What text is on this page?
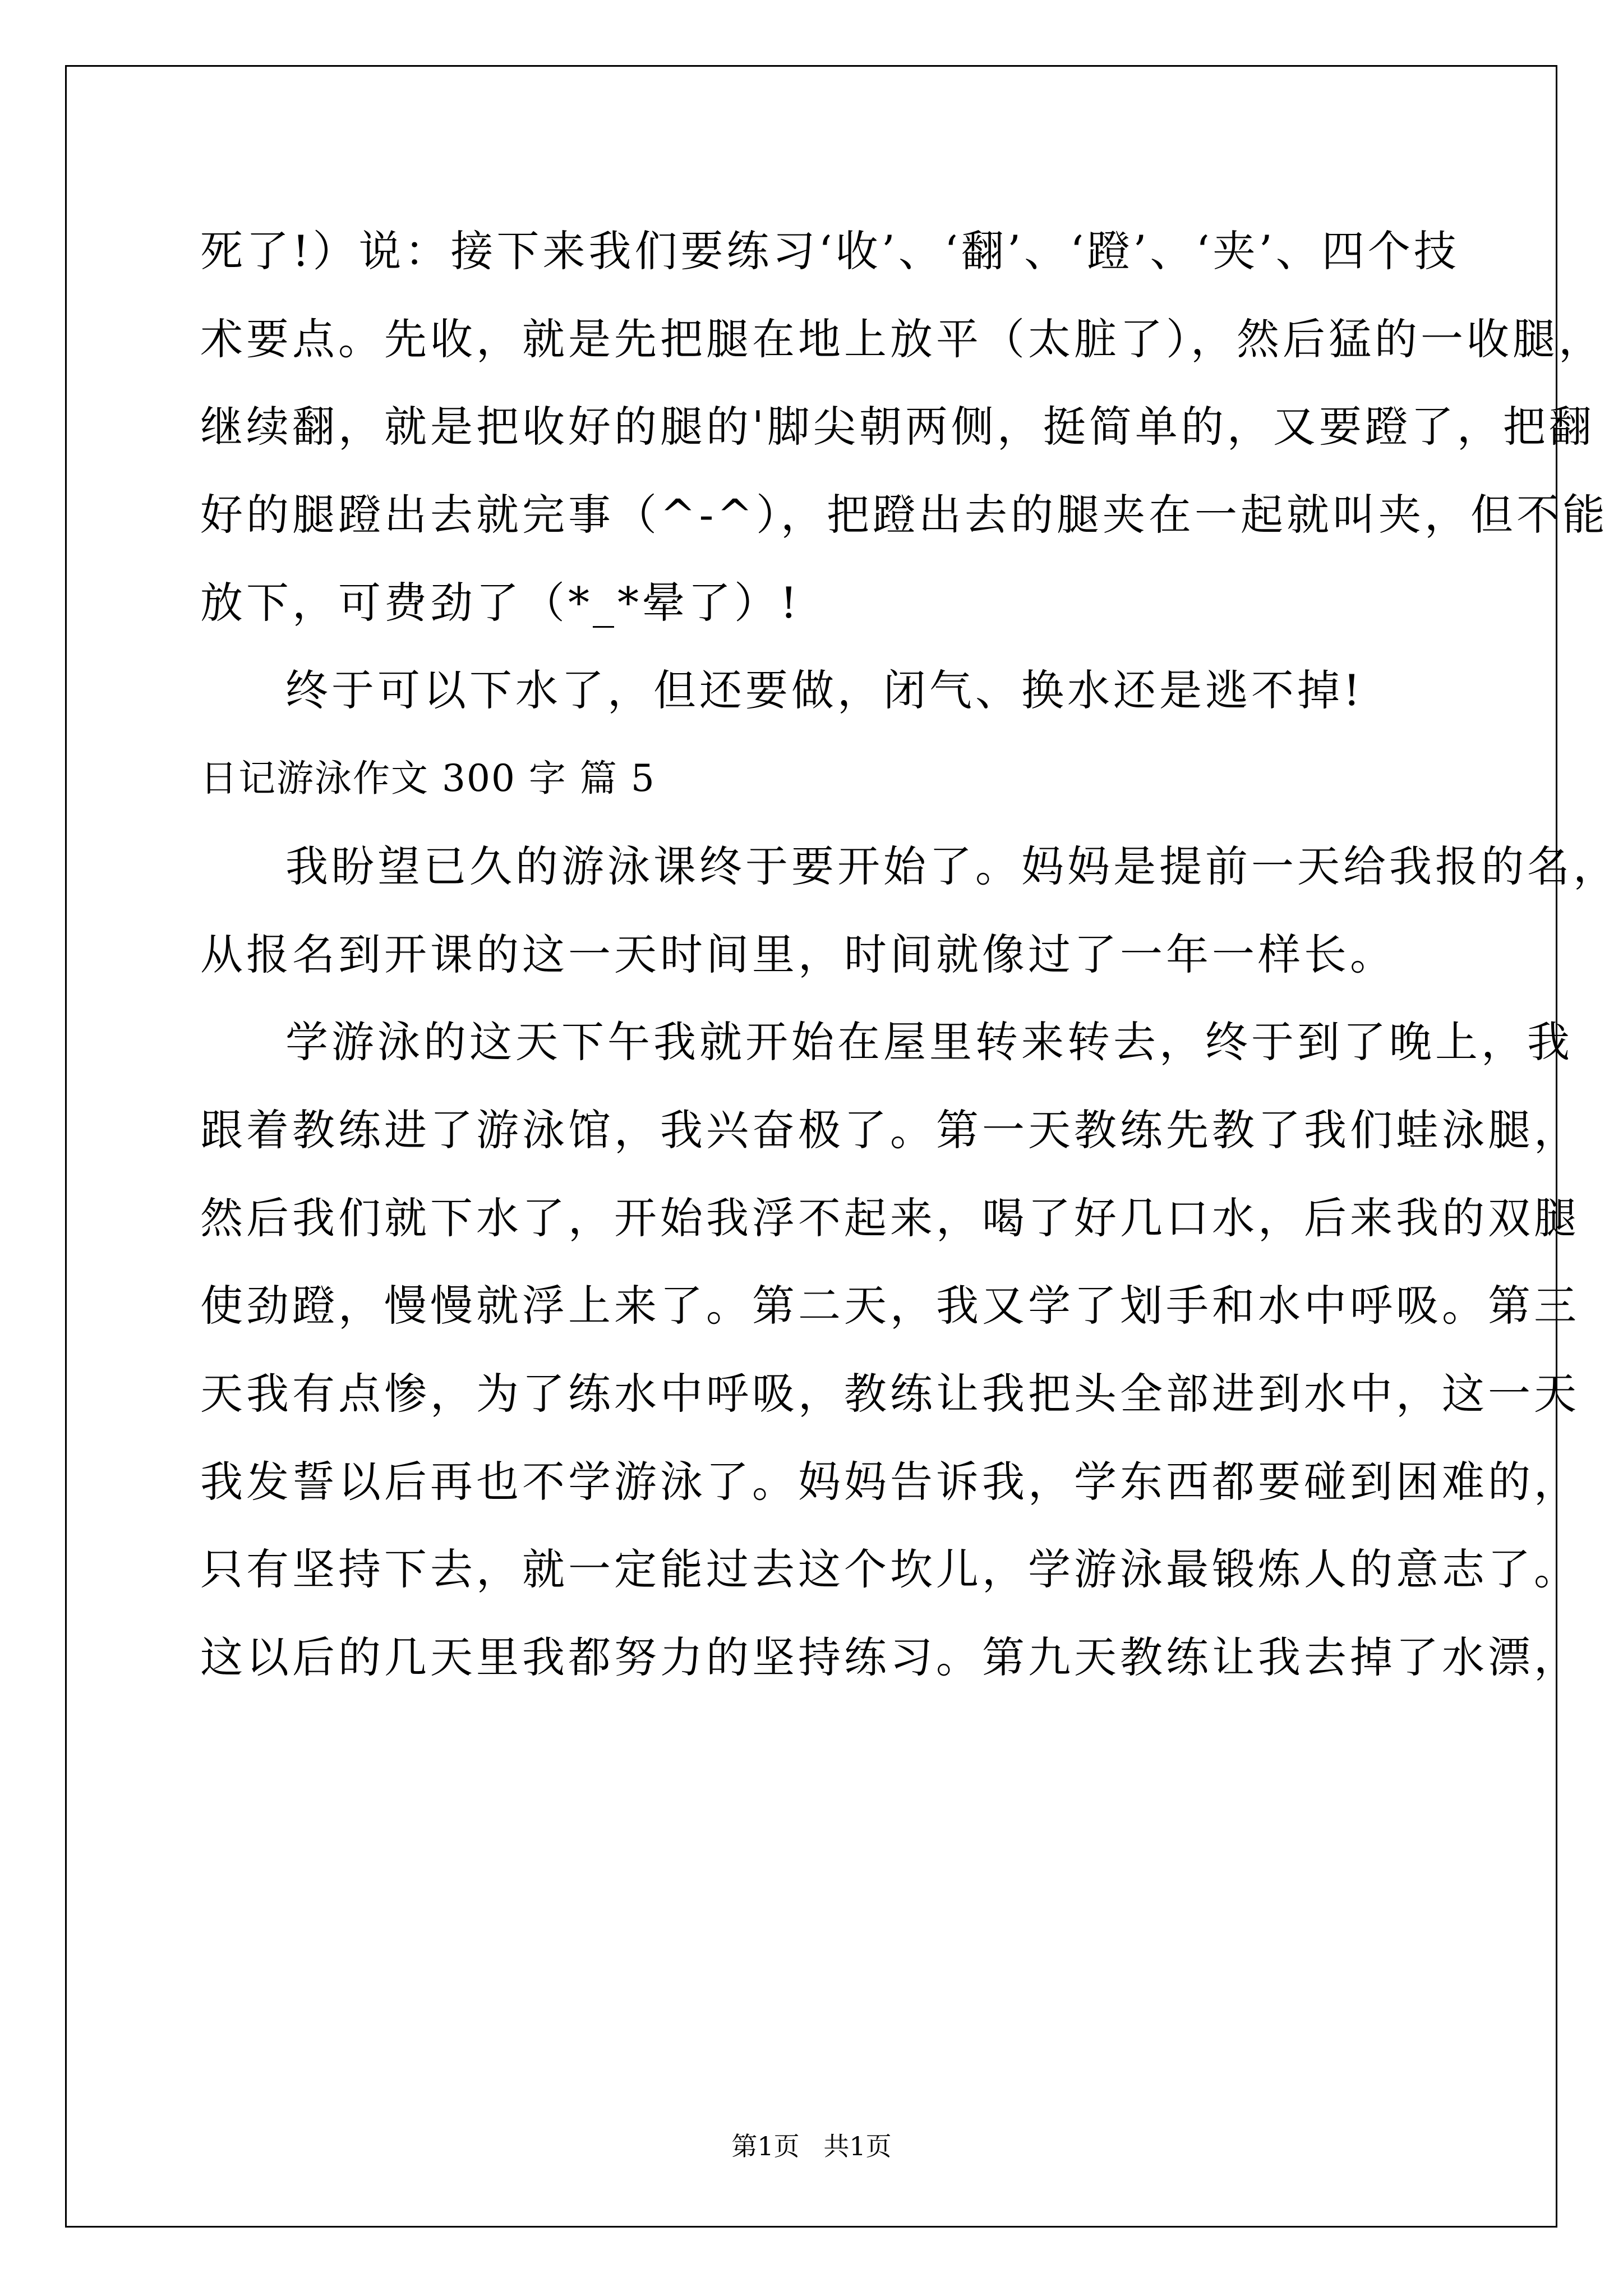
死了!）说：接下来我们要练习‘收’、‘翻’、‘蹬’、‘夹’、四个技
术要点。先收，就是先把腿在地上放平（太脏了），然后猛的一收腿，
继续翻，就是把收好的腿的'脚尖朝两侧，挺简单的，又要蹬了，把翻
好的腿蹬出去就完事（^-^），把蹬出去的腿夹在一起就叫夹，但不能
放下，可费劲了（*_*晕了）!
终于可以下水了，但还要做，闭气、换水还是逃不掉!
日记游泳作文 300 字 篇 5
我盼望已久的游泳课终于要开始了。妈妈是提前一天给我报的名，
从报名到开课的这一天时间里，时间就像过了一年一样长。
学游泳的这天下午我就开始在屋里转来转去，终于到了晚上，我
跟着教练进了游泳馆，我兴奋极了。第一天教练先教了我们蛙泳腿，
然后我们就下水了，开始我浮不起来，喝了好几口水，后来我的双腿
使劲蹬，慢慢就浮上来了。第二天，我又学了划手和水中呼吸。第三
天我有点惨，为了练水中呼吸，教练让我把头全部进到水中，这一天
我发誓以后再也不学游泳了。妈妈告诉我，学东西都要碰到困难的，
只有坚持下去，就一定能过去这个坎儿，学游泳最锻炼人的意志了。
这以后的几天里我都努力的坚持练习。第九天教练让我去掉了水漂，
第1页 共1页
